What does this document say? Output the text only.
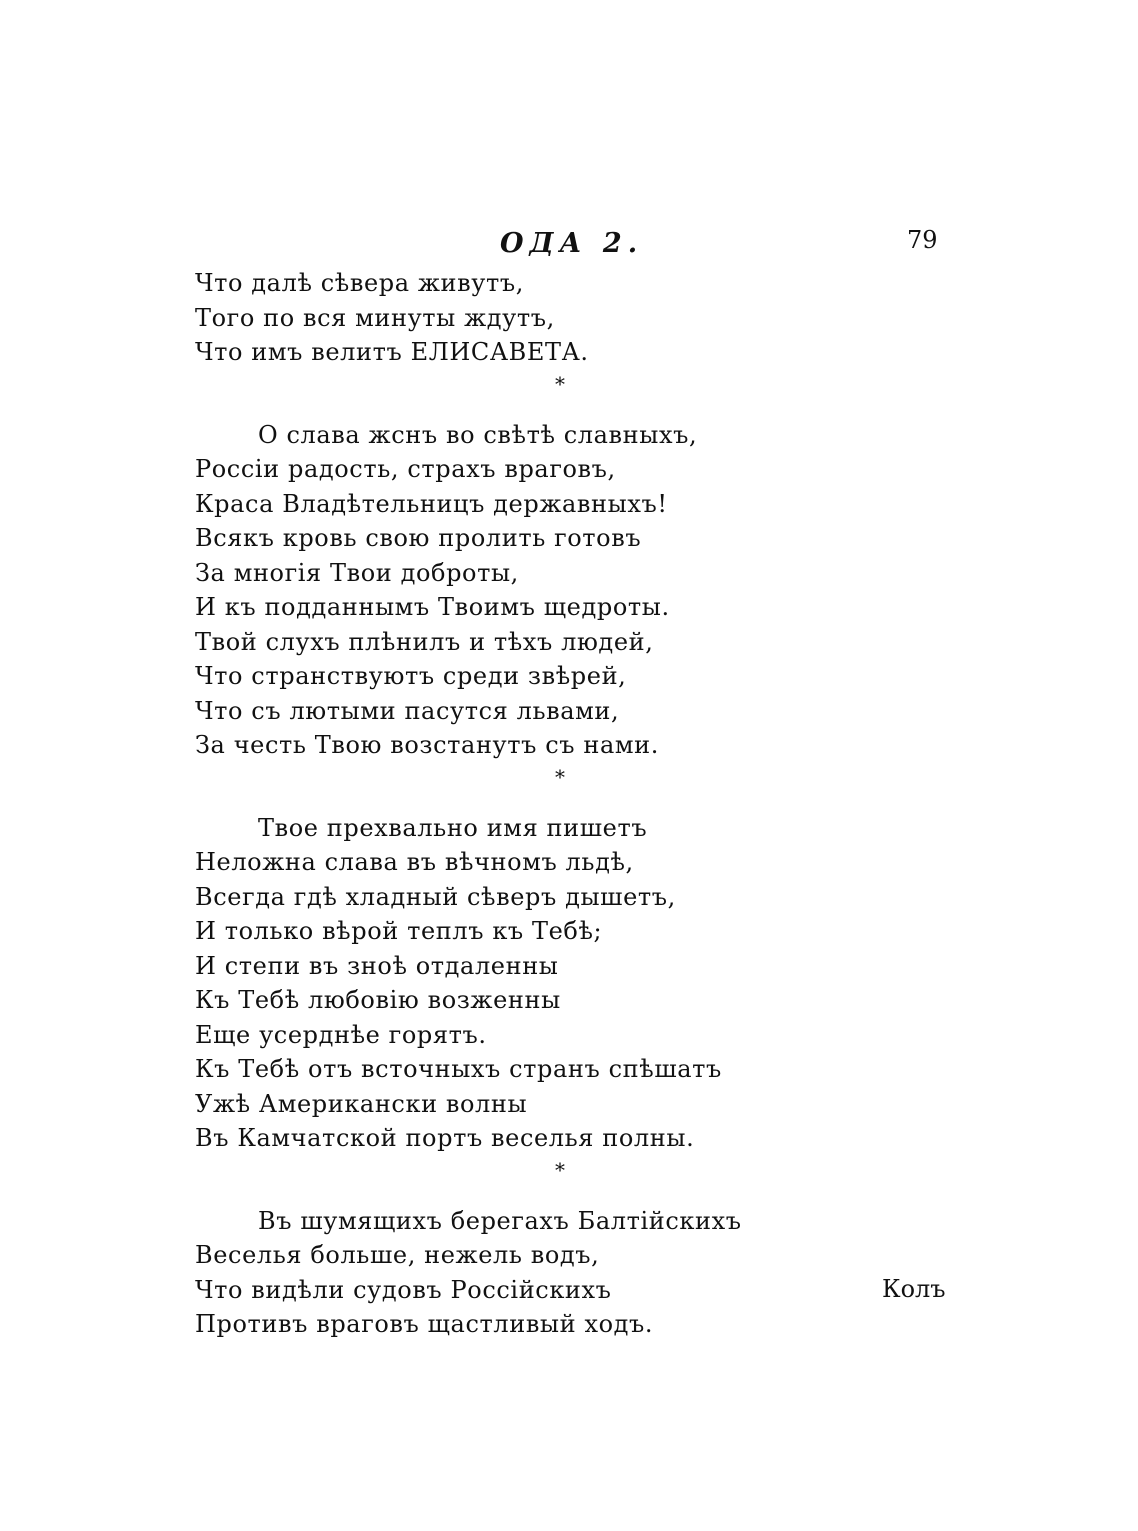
ОДА 2.	79
Что далѣ сѣвера живутъ,
Того по вся минуты ждутъ,
Что имъ велитъ ЕЛИСАВЕТА.
*
О слава жснъ во свѣтѣ славныхъ,
Россіи радость, страхъ враговъ,
Краса Владѣтельницъ державныхъ!
Всякъ кровь свою пролить готовъ
За многія Твои доброты,
И къ подданнымъ Твоимъ щедроты.
Твой слухъ плѣнилъ и тѣхъ людей,
Что странствуютъ среди звѣрей,
Что съ лютыми пасутся львами,
За честь Твою возстанутъ съ нами.
*
Твое прехвально имя пишетъ
Неложна слава въ вѣчномъ льдѣ,
Всегда гдѣ хладный сѣверъ дышетъ,
И только вѣрой теплъ къ Тебѣ;
И степи въ знoѣ отдаленны
Къ Тебѣ любовію возженны
Еще усерднѣе горятъ.
Къ Тебѣ отъ всточныхъ странъ спѣшатъ
Ужѣ Американски волны
Въ Камчатской портъ веселья полны.
*
Въ шумящихъ берегахъ Балтійскихъ
Веселья больше, нежель водъ,
Что видѣли судовъ Россійскихъ
Противъ враговъ щастливый ходъ.
Колъ
